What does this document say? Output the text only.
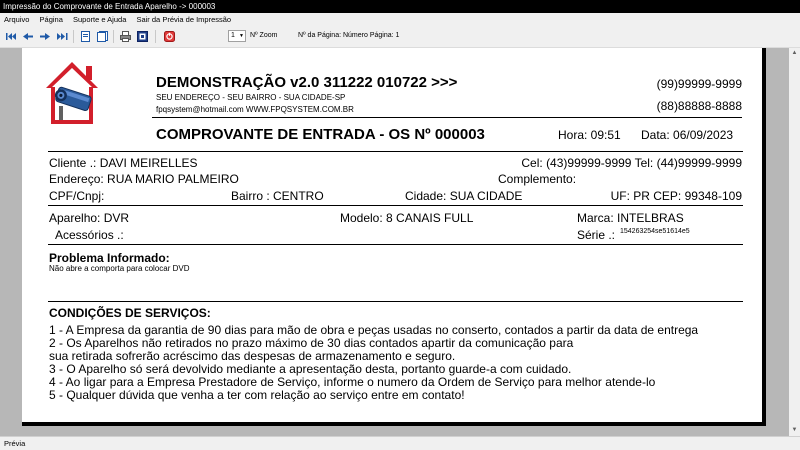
Impressão do Comprovante de Entrada Aparelho -> 000003
Arquivo Página Suporte e Ajuda Sair da Prévia de Impressão
1 ▼ Nº Zoom	Nº da Página: Número Página: 1
DEMONSTRAÇÃO v2.0 311222 010722 >>>
SEU ENDEREÇO - SEU BAIRRO - SUA CIDADE-SP
fpqsystem@hotmail.com WWW.FPQSYSTEM.COM.BR
(99)99999-9999
(88)88888-8888
COMPROVANTE DE ENTRADA - OS Nº 000003	Hora: 09:51 Data: 06/09/2023
Cliente .: DAVI MEIRELLES	Cel: (43)99999-9999 Tel: (44)99999-9999
Endereço: RUA MARIO PALMEIRO	Complemento:
CPF/Cnpj:	Bairro : CENTRO	Cidade: SUA CIDADE	UF: PR CEP: 99348-109
Aparelho: DVR	Modelo: 8 CANAIS FULL	Marca: INTELBRAS
Acessórios .:	Série .: 154263254se51614e5
Problema Informado:
Não abre a comporta para colocar DVD
CONDIÇÕES DE SERVIÇOS:
1 - A Empresa da garantia de 90 dias para mão de obra e peças usadas no conserto, contados a partir da data de entrega
2 - Os Aparelhos não retirados no prazo máximo de 30 dias contados apartir da comunicação para
sua retirada sofrerão acréscimo das despesas de armazenamento e seguro.
3 - O Aparelho só será devolvido mediante a apresentação desta, portanto guarde-a com cuidado.
4 - Ao ligar para a Empresa Prestadore de Serviço, informe o numero da Ordem de Serviço para melhor atende-lo
5 - Qualquer dúvida que venha a ter com relação ao serviço entre em contato!
▲
▼
Prévia
